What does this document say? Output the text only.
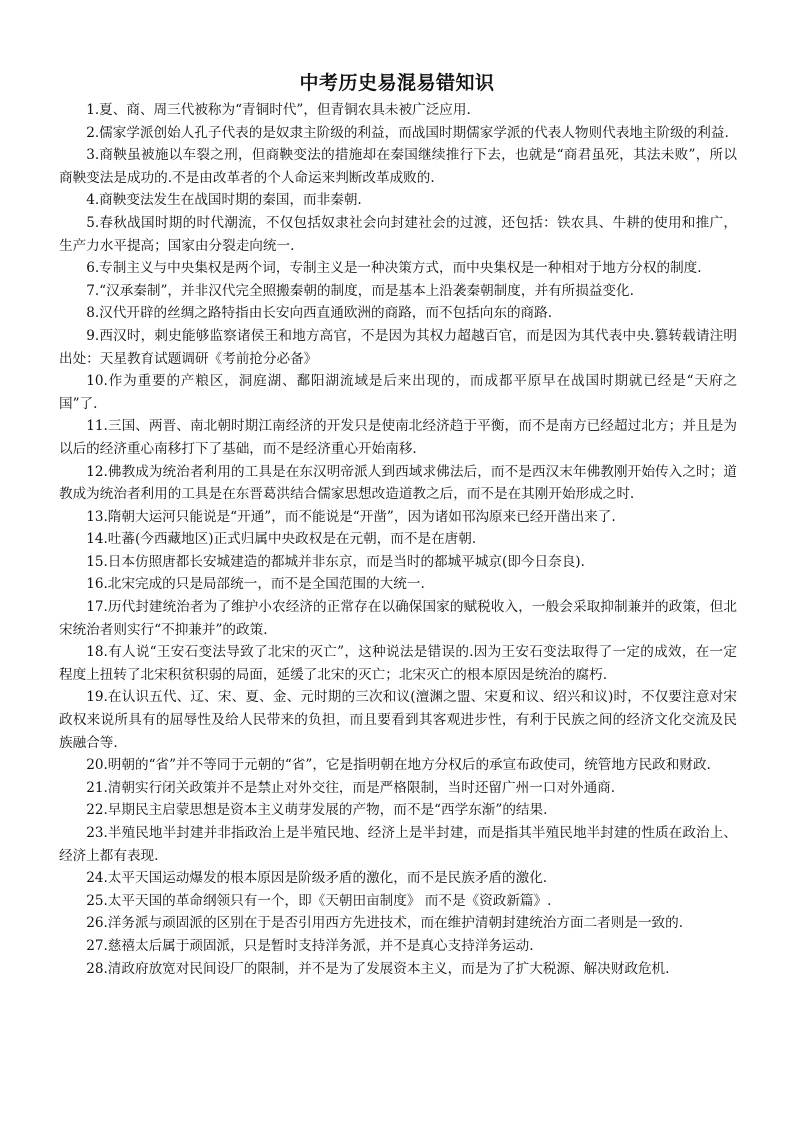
中考历史易混易错知识

1.夏、商、周三代被称为“青铜时代”，但青铜农具未被广泛应用.

2.儒家学派创始人孔子代表的是奴隶主阶级的利益，而战国时期儒家学派的代表人物则代表地主阶级的利益.

3.商鞅虽被施以车裂之刑，但商鞅变法的措施却在秦国继续推行下去，也就是“商君虽死，其法未败”，所以商鞅变法是成功的.不是由改革者的个人命运来判断改革成败的.

4.商鞅变法发生在战国时期的秦国，而非秦朝.

5.春秋战国时期的时代潮流，不仅包括奴隶社会向封建社会的过渡，还包括：铁农具、牛耕的使用和推广，生产力水平提高；国家由分裂走向统一.

6.专制主义与中央集权是两个词，专制主义是一种决策方式，而中央集权是一种相对于地方分权的制度.

7.“汉承秦制”，并非汉代完全照搬秦朝的制度，而是基本上沿袭秦朝制度，并有所损益变化.

8.汉代开辟的丝绸之路特指由长安向西直通欧洲的商路，而不包括向东的商路.

9.西汉时，刺史能够监察诸侯王和地方高官，不是因为其权力超越百官，而是因为其代表中央.篡转载请注明出处：天星教育试题调研《考前抢分必备》

10.作为重要的产粮区，洞庭湖、鄱阳湖流域是后来出现的，而成都平原早在战国时期就已经是“天府之国”了.

11.三国、两晋、南北朝时期江南经济的开发只是使南北经济趋于平衡，而不是南方已经超过北方；并且是为以后的经济重心南移打下了基础，而不是经济重心开始南移.

12.佛教成为统治者利用的工具是在东汉明帝派人到西域求佛法后，而不是西汉末年佛教刚开始传入之时；道教成为统治者利用的工具是在东晋葛洪结合儒家思想改造道教之后，而不是在其刚开始形成之时.

13.隋朝大运河只能说是“开通”，而不能说是“开凿”，因为诸如邗沟原来已经开凿出来了.

14.吐蕃(今西藏地区)正式归属中央政权是在元朝，而不是在唐朝.

15.日本仿照唐都长安城建造的都城并非东京，而是当时的都城平城京(即今日奈良).

16.北宋完成的只是局部统一，而不是全国范围的大统一.

17.历代封建统治者为了维护小农经济的正常存在以确保国家的赋税收入，一般会采取抑制兼并的政策，但北宋统治者则实行“不抑兼并”的政策.

18.有人说“王安石变法导致了北宋的灭亡”，这种说法是错误的.因为王安石变法取得了一定的成效，在一定程度上扭转了北宋积贫积弱的局面，延缓了北宋的灭亡；北宋灭亡的根本原因是统治的腐朽.

19.在认识五代、辽、宋、夏、金、元时期的三次和议(澶渊之盟、宋夏和议、绍兴和议)时，不仅要注意对宋政权来说所具有的屈辱性及给人民带来的负担，而且要看到其客观进步性，有利于民族之间的经济文化交流及民族融合等.

20.明朝的“省”并不等同于元朝的“省”，它是指明朝在地方分权后的承宣布政使司，统管地方民政和财政.

21.清朝实行闭关政策并不是禁止对外交往，而是严格限制，当时还留广州一口对外通商.

22.早期民主启蒙思想是资本主义萌芽发展的产物，而不是“西学东渐”的结果.

23.半殖民地半封建并非指政治上是半殖民地、经济上是半封建，而是指其半殖民地半封建的性质在政治上、经济上都有表现.

24.太平天国运动爆发的根本原因是阶级矛盾的激化，而不是民族矛盾的激化.

25.太平天国的革命纲领只有一个，即《天朝田亩制度》 而不是《资政新篇》.

26.洋务派与顽固派的区别在于是否引用西方先进技术，而在维护清朝封建统治方面二者则是一致的.

27.慈禧太后属于顽固派，只是暂时支持洋务派，并不是真心支持洋务运动.

28.清政府放宽对民间设厂的限制，并不是为了发展资本主义，而是为了扩大税源、解决财政危机.
